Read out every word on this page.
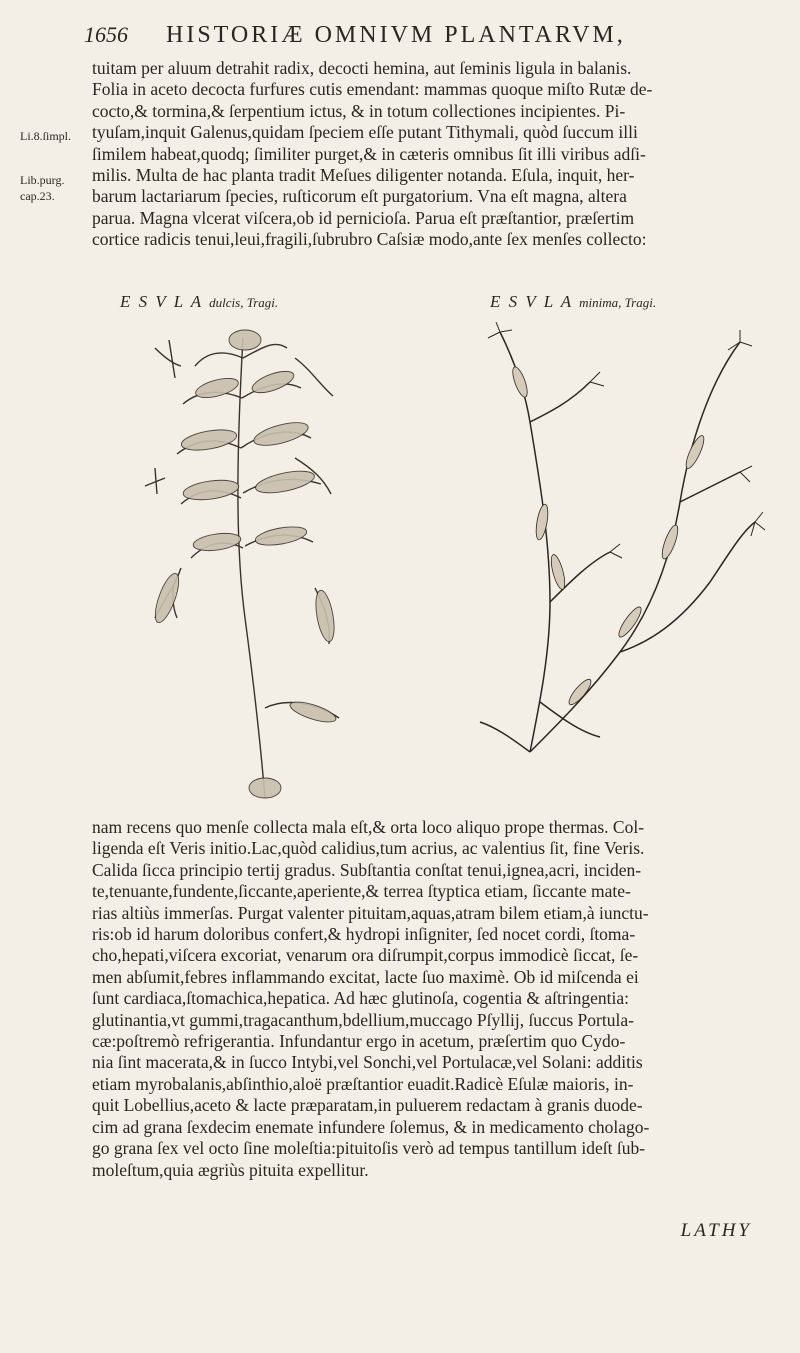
1656 HISTORIÆ OMNIVM PLANTARVM,
Li.8.ſimpl.
Lib.purg.
cap.23.
tuitam per aluum detrahit radix, decocti hemina, aut ſeminis ligula in balanis.
Folia in aceto decocta furfures cutis emendant: mammas quoque miſto Rutæ de-
cocto,& tormina,& ſerpentium ictus, & in totum collectiones incipientes. Pi-
tyuſam,inquit Galenus,quidam ſpeciem eſſe putant Tithymali, quòd ſuccum illi
ſimilem habeat,quodq; ſimiliter purget,& in cæteris omnibus ſit illi viribus adſi-
milis. Multa de hac planta tradit Meſues diligenter notanda. Eſula, inquit, her-
barum lactariarum ſpecies, ruſticorum eſt purgatorium. Vna eſt magna, altera
parua. Magna vlcerat viſcera,ob id pernicioſa. Parua eſt præſtantior, præſertim
cortice radicis tenui,leui,fragili,ſubrubro Caſsiæ modo,ante ſex menſes collecto:
E S V L A dulcis, Tragi.	E S V L A minima, Tragi.
nam recens quo menſe collecta mala eſt,& orta loco aliquo prope thermas. Col-
ligenda eſt Veris initio.Lac,quòd calidius,tum acrius, ac valentius ſit, fine Veris.
Calida ſicca principio tertij gradus. Subſtantia conſtat tenui,ignea,acri, inciden-
te,tenuante,fundente,ſiccante,aperiente,& terrea ſtyptica etiam, ſiccante mate-
rias altiùs immerſas. Purgat valenter pituitam,aquas,atram bilem etiam,à iunctu-
ris:ob id harum doloribus confert,& hydropi inſigniter, ſed nocet cordi, ſtoma-
cho,hepati,viſcera excoriat, venarum ora diſrumpit,corpus immodicè ſiccat, ſe-
men abſumit,febres inflammando excitat, lacte ſuo maximè. Ob id miſcenda ei
ſunt cardiaca,ſtomachica,hepatica. Ad hæc glutinoſa, cogentia & aſtringentia:
glutinantia,vt gummi,tragacanthum,bdellium,muccago Pſyllij, ſuccus Portula-
cæ:poſtremò refrigerantia. Infundantur ergo in acetum, præſertim quo Cydo-
nia ſint macerata,& in ſucco Intybi,vel Sonchi,vel Portulacæ,vel Solani: additis
etiam myrobalanis,abſinthio,aloë præſtantior euadit.Radicè Eſulæ maioris, in-
quit Lobellius,aceto & lacte præparatam,in puluerem redactam à granis duode-
cim ad grana ſexdecim enemate infundere ſolemus, & in medicamento cholago-
go grana ſex vel octo ſine moleſtia:pituitoſis verò ad tempus tantillum ideſt ſub-
moleſtum,quia ægriùs pituita expellitur.
LATHY
